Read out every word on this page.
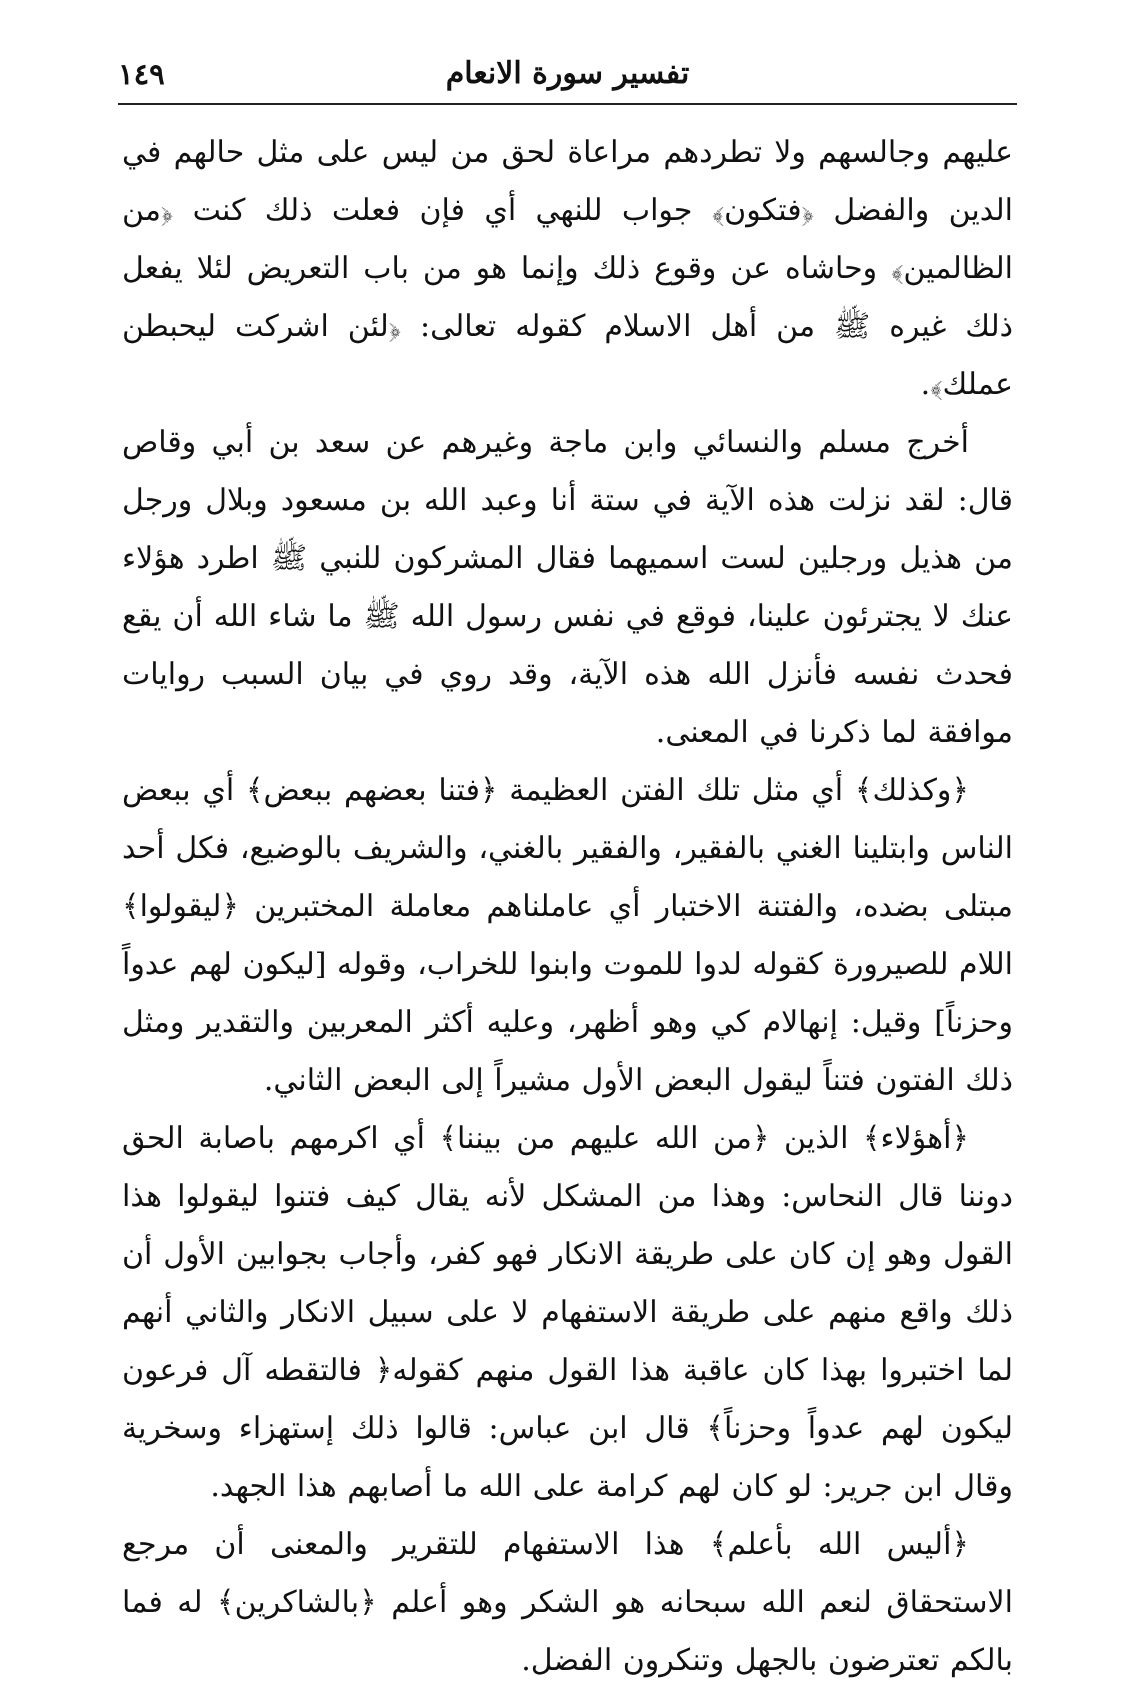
تفسير سورة الانعام
١٤٩

عليهم وجالسهم ولا تطردهم مراعاة لحق من ليس على مثل حالهم في الدين والفضل ﴿فتكون﴾ جواب للنهي أي فإن فعلت ذلك كنت ﴿من الظالمين﴾ وحاشاه عن وقوع ذلك وإنما هو من باب التعريض لئلا يفعل ذلك غيره ﷺ من أهل الاسلام كقوله تعالى: ﴿لئن اشركت ليحبطن عملك﴾.

أخرج مسلم والنسائي وابن ماجة وغيرهم عن سعد بن أبي وقاص قال: لقد نزلت هذه الآية في ستة أنا وعبد الله بن مسعود وبلال ورجل من هذيل ورجلين لست اسميهما فقال المشركون للنبي ﷺ اطرد هؤلاء عنك لا يجترئون علينا، فوقع في نفس رسول الله ﷺ ما شاء الله أن يقع فحدث نفسه فأنزل الله هذه الآية، وقد روي في بيان السبب روايات موافقة لما ذكرنا في المعنى.

﴿وكذلك﴾ أي مثل تلك الفتن العظيمة ﴿فتنا بعضهم ببعض﴾ أي ببعض الناس وابتلينا الغني بالفقير، والفقير بالغني، والشريف بالوضيع، فكل أحد مبتلى بضده، والفتنة الاختبار أي عاملناهم معاملة المختبرين ﴿ليقولوا﴾ اللام للصيرورة كقوله لدوا للموت وابنوا للخراب، وقوله [ليكون لهم عدواً وحزناً] وقيل: إنهالام كي وهو أظهر، وعليه أكثر المعربين والتقدير ومثل ذلك الفتون فتناً ليقول البعض الأول مشيراً إلى البعض الثاني.

﴿أهؤلاء﴾ الذين ﴿من الله عليهم من بيننا﴾ أي اكرمهم باصابة الحق دوننا قال النحاس: وهذا من المشكل لأنه يقال كيف فتنوا ليقولوا هذا القول وهو إن كان على طريقة الانكار فهو كفر، وأجاب بجوابين الأول أن ذلك واقع منهم على طريقة الاستفهام لا على سبيل الانكار والثاني أنهم لما اختبروا بهذا كان عاقبة هذا القول منهم كقوله﴿ فالتقطه آل فرعون ليكون لهم عدواً وحزناً﴾ قال ابن عباس: قالوا ذلك إستهزاء وسخرية وقال ابن جرير: لو كان لهم كرامة على الله ما أصابهم هذا الجهد.

﴿أليس الله بأعلم﴾ هذا الاستفهام للتقرير والمعنى أن مرجع الاستحقاق لنعم الله سبحانه هو الشكر وهو أعلم ﴿بالشاكرين﴾ له فما بالكم تعترضون بالجهل وتنكرون الفضل.
